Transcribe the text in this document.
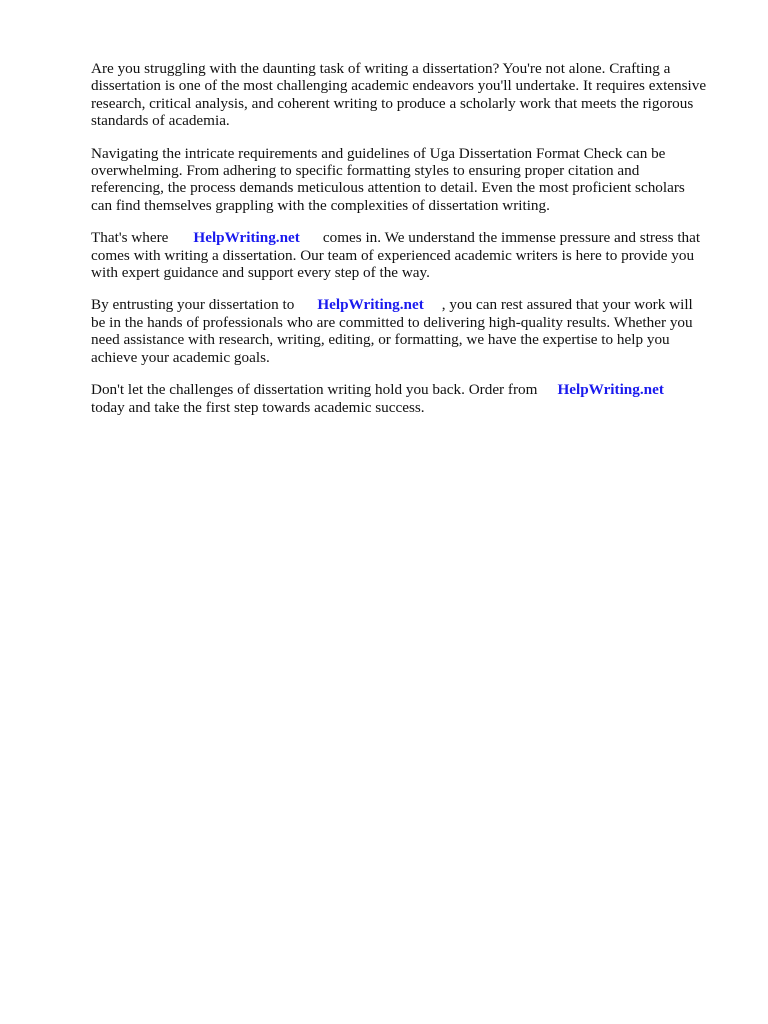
Are you struggling with the daunting task of writing a dissertation? You're not alone. Crafting a
dissertation is one of the most challenging academic endeavors you'll undertake. It requires extensive
research, critical analysis, and coherent writing to produce a scholarly work that meets the rigorous
standards of academia.

Navigating the intricate requirements and guidelines of Uga Dissertation Format Check can be
overwhelming. From adhering to specific formatting styles to ensuring proper citation and
referencing, the process demands meticulous attention to detail. Even the most proficient scholars
can find themselves grappling with the complexities of dissertation writing.

That's where HelpWriting.net comes in. We understand the immense pressure and stress that
comes with writing a dissertation. Our team of experienced academic writers is here to provide you
with expert guidance and support every step of the way.

By entrusting your dissertation to HelpWriting.net , you can rest assured that your work will
be in the hands of professionals who are committed to delivering high-quality results. Whether you
need assistance with research, writing, editing, or formatting, we have the expertise to help you
achieve your academic goals.

Don't let the challenges of dissertation writing hold you back. Order from HelpWriting.net
today and take the first step towards academic success.
